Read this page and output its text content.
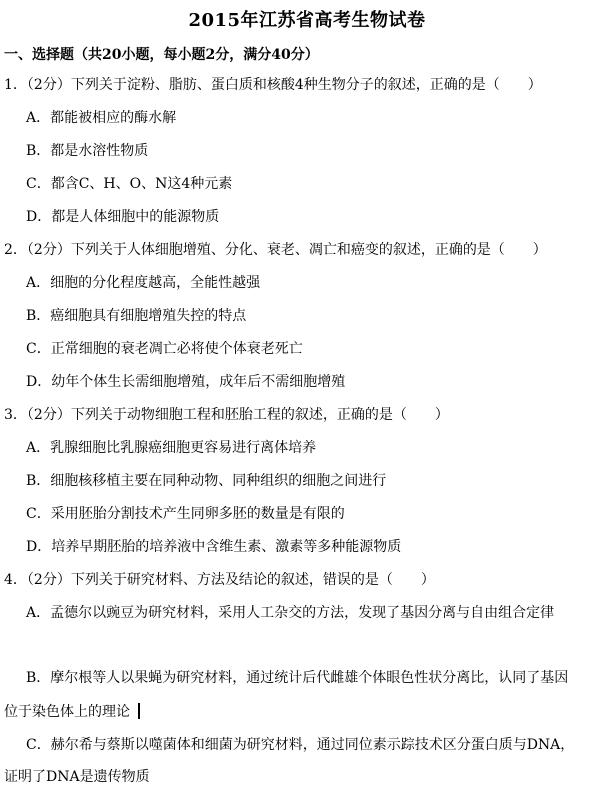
2015年江苏省高考生物试卷
一、选择题（共20小题，每小题2分，满分40分）
1．（2分）下列关于淀粉、脂肪、蛋白质和核酸4种生物分子的叙述，正确的是（　　）
A．都能被相应的酶水解
B．都是水溶性物质
C．都含C、H、O、N这4种元素
D．都是人体细胞中的能源物质
2．（2分）下列关于人体细胞增殖、分化、衰老、凋亡和癌变的叙述，正确的是（　　）
A．细胞的分化程度越高，全能性越强
B．癌细胞具有细胞增殖失控的特点
C．正常细胞的衰老凋亡必将使个体衰老死亡
D．幼年个体生长需细胞增殖，成年后不需细胞增殖
3．（2分）下列关于动物细胞工程和胚胎工程的叙述，正确的是（　　）
A．乳腺细胞比乳腺癌细胞更容易进行离体培养
B．细胞核移植主要在同种动物、同种组织的细胞之间进行
C．采用胚胎分割技术产生同卵多胚的数量是有限的
D．培养早期胚胎的培养液中含维生素、激素等多种能源物质
4．（2分）下列关于研究材料、方法及结论的叙述，错误的是（　　）
A．孟德尔以豌豆为研究材料，采用人工杂交的方法，发现了基因分离与自由组合定律
B．摩尔根等人以果蝇为研究材料，通过统计后代雌雄个体眼色性状分离比，认同了基因
位于染色体上的理论
C．赫尔希与蔡斯以噬菌体和细菌为研究材料，通过同位素示踪技术区分蛋白质与DNA，
证明了DNA是遗传物质
